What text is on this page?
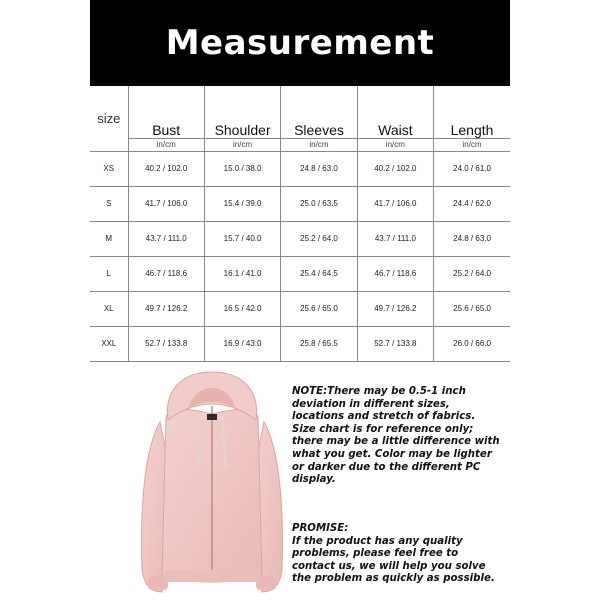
Measurement
size	Bust	Shoulder	Sleeves	Waist	Length
	in/cm	in/cm	in/cm	in/cm	in/cm
XS	40.2 / 102.0	15.0 / 38.0	24.8 / 63.0	40.2 / 102.0	24.0 / 61.0
S	41.7 / 106.0	15.4 / 39.0	25.0 / 63.5	41.7 / 106.0	24.4 / 62.0
M	43.7 / 111.0	15.7 / 40.0	25.2 / 64.0	43.7 / 111.0	24.8 / 63.0
L	46.7 / 118.6	16.1 / 41.0	25.4 / 64.5	46.7 / 118.6	25.2 / 64.0
XL	49.7 / 126.2	16.5 / 42.0	25.6 / 65.0	49.7 / 126.2	25.6 / 65.0
XXL	52.7 / 133.8	16.9 / 43.0	25.8 / 65.5	52.7 / 133.8	26.0 / 66.0
NOTE:There may be 0.5-1 inch deviation in different sizes, locations and stretch of fabrics. Size chart is for reference only; there may be a little difference with what you get. Color may be lighter or darker due to the different PC display.
PROMISE:
If the product has any quality problems, please feel free to contact us, we will help you solve the problem as quickly as possible.
